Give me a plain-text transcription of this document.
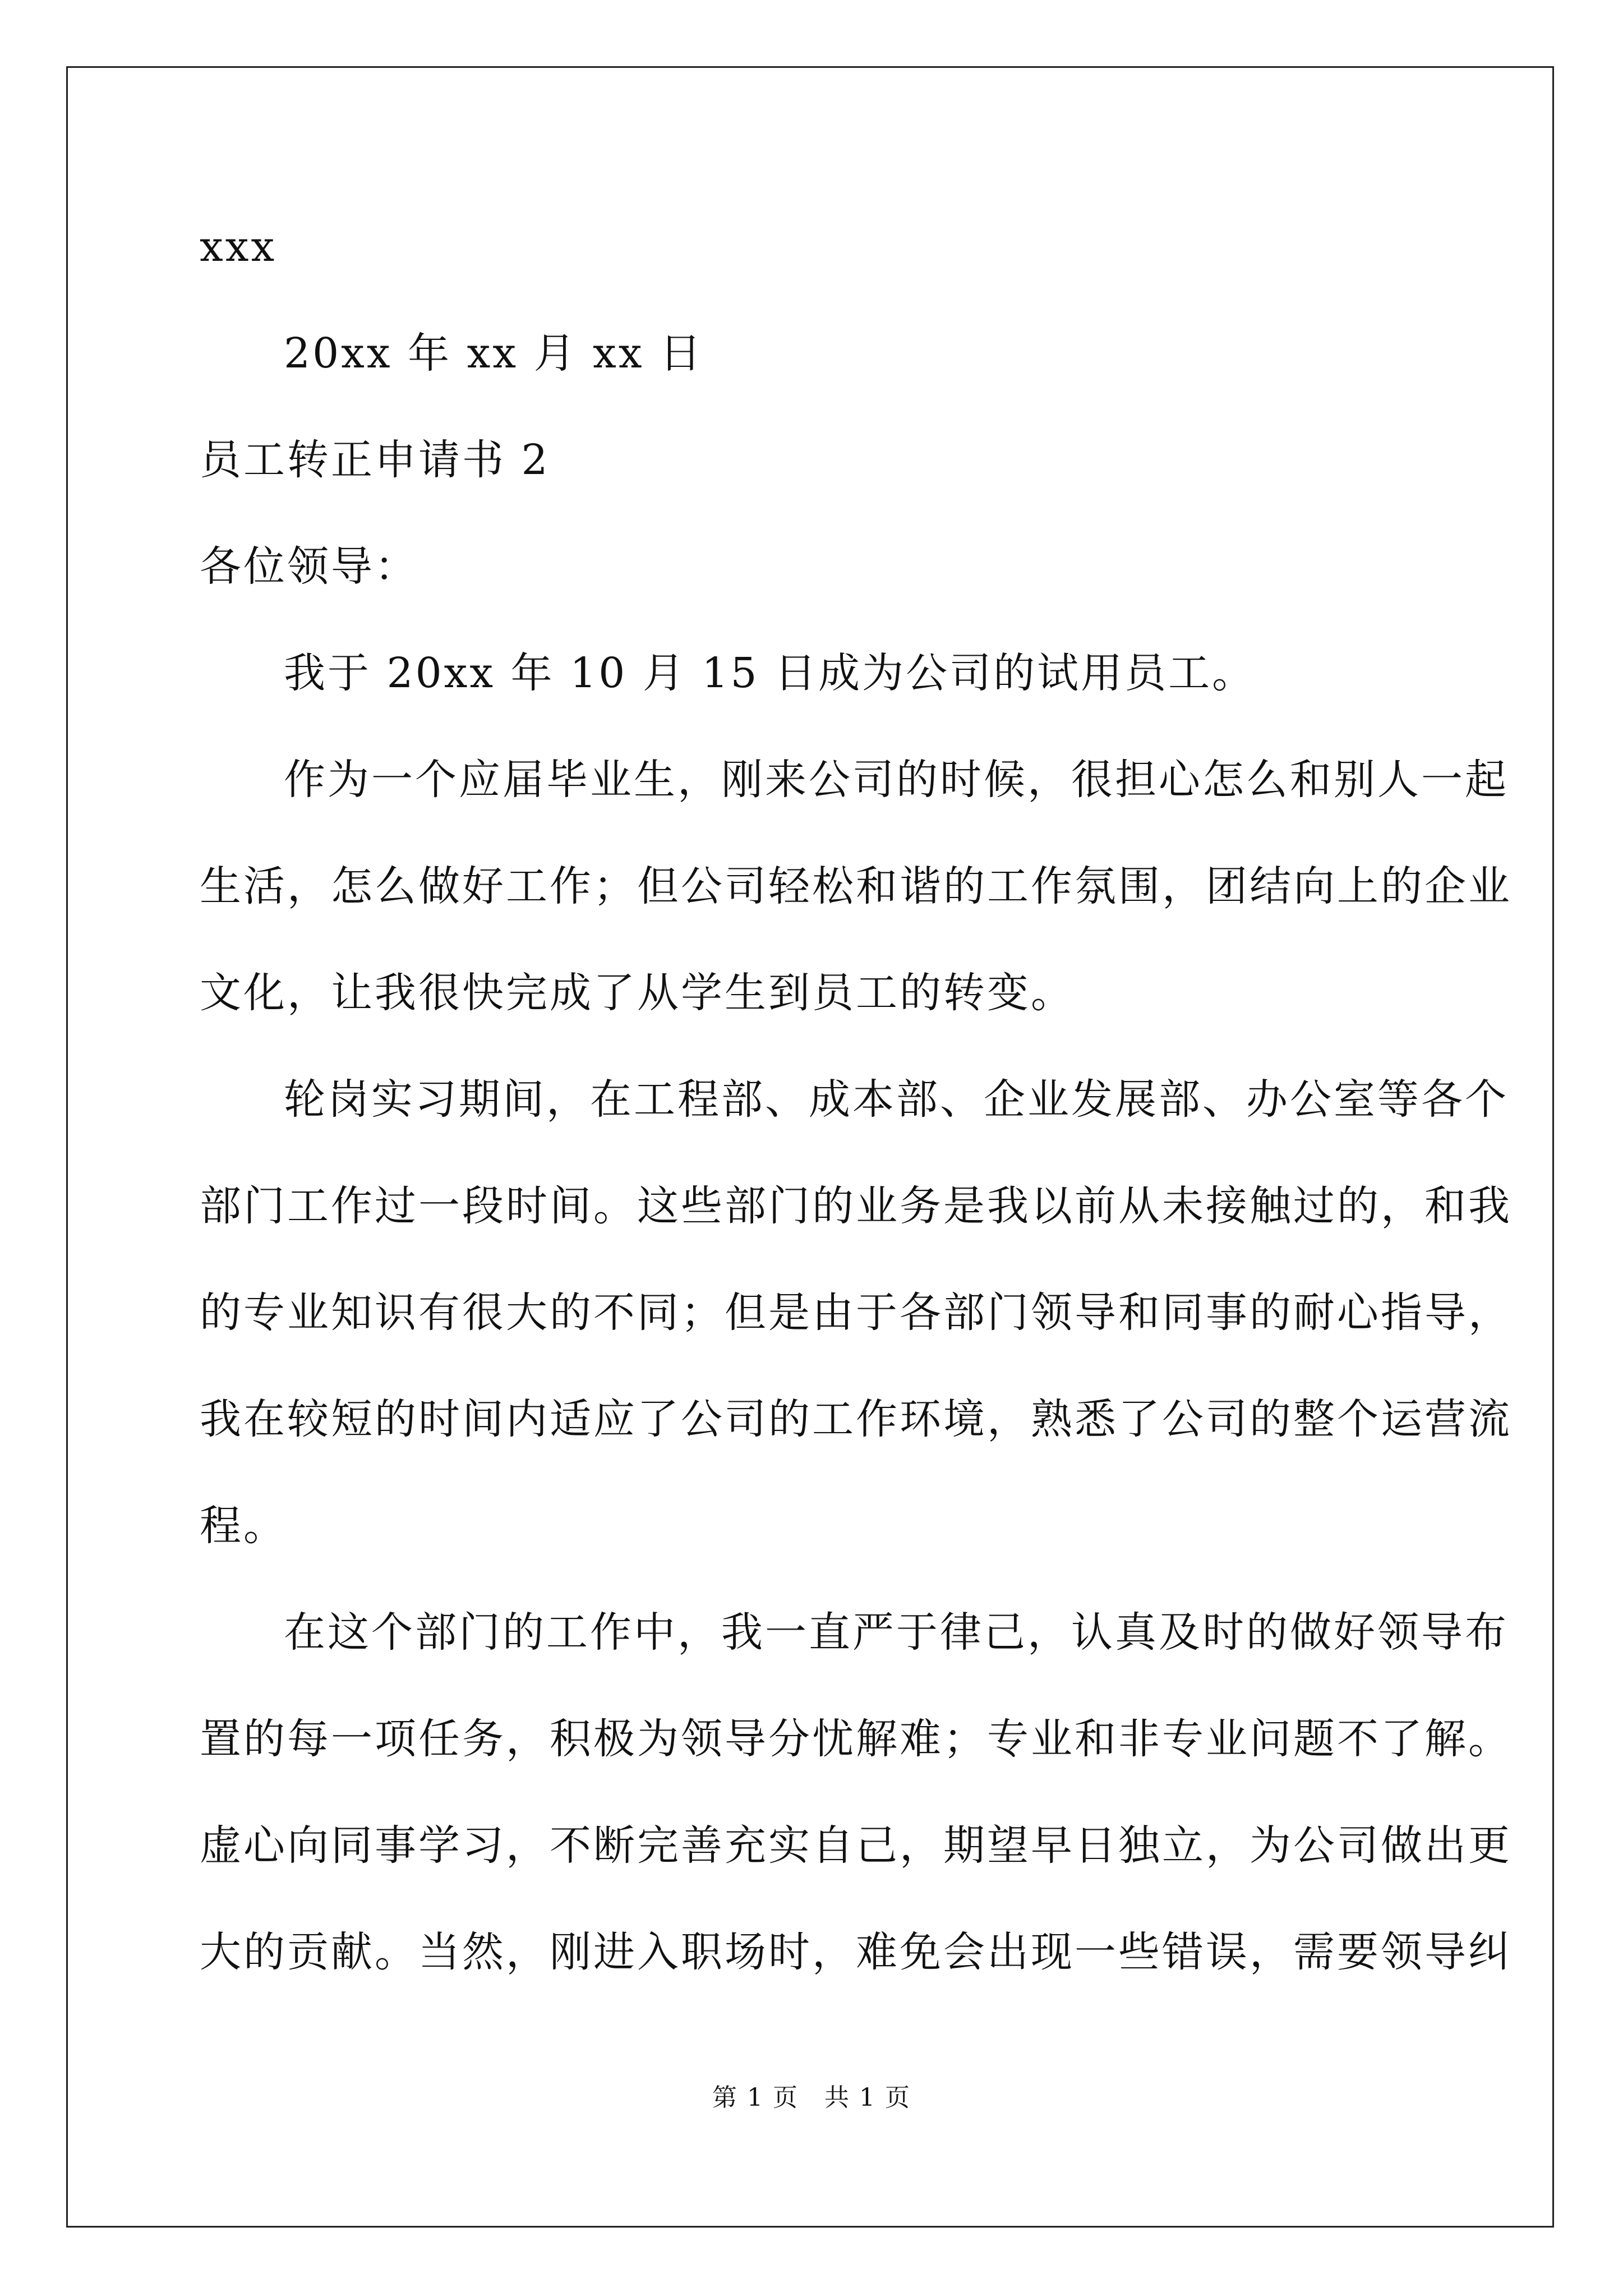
xxx
20xx 年 xx 月 xx 日
员工转正申请书 2
各位领导：
我于 20xx 年 10 月 15 日成为公司的试用员工。
作为一个应届毕业生，刚来公司的时候，很担心怎么和别人一起
生活，怎么做好工作；但公司轻松和谐的工作氛围，团结向上的企业
文化，让我很快完成了从学生到员工的转变。
轮岗实习期间，在工程部、成本部、企业发展部、办公室等各个
部门工作过一段时间。这些部门的业务是我以前从未接触过的，和我
的专业知识有很大的不同；但是由于各部门领导和同事的耐心指导，
我在较短的时间内适应了公司的工作环境，熟悉了公司的整个运营流
程。
在这个部门的工作中，我一直严于律己，认真及时的做好领导布
置的每一项任务，积极为领导分忧解难；专业和非专业问题不了解。
虚心向同事学习，不断完善充实自己，期望早日独立，为公司做出更
大的贡献。当然，刚进入职场时，难免会出现一些错误，需要领导纠
第 1 页　共 1 页
